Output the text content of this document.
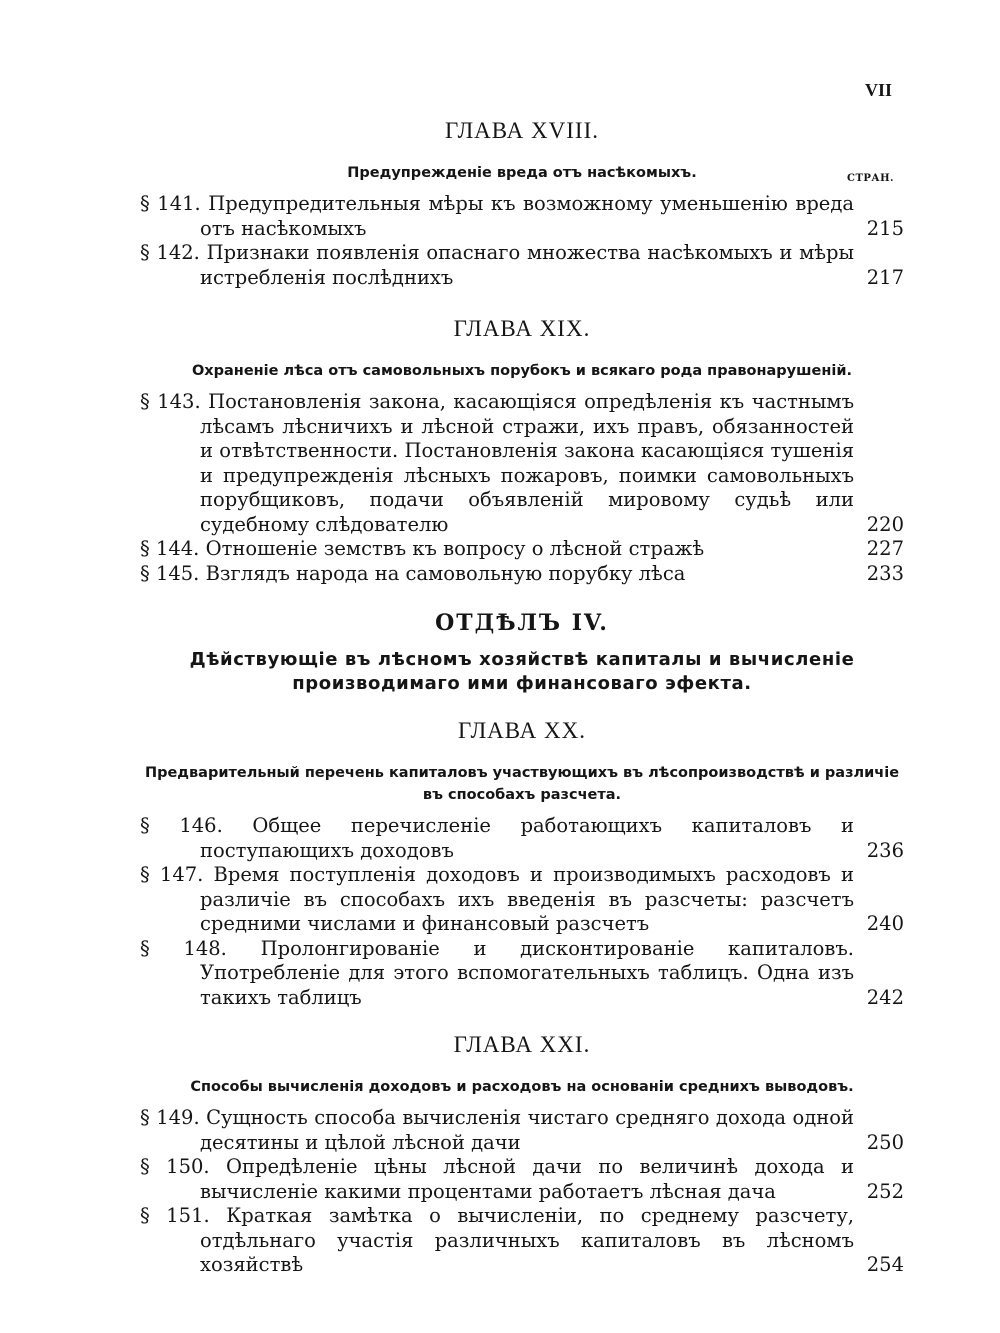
VII
ГЛАВА XVIII.
Предупрежденіе вреда отъ насѣкомыхъ.	СТРАН.
§ 141. Предупредительныя мѣры къ возможному уменьшенію вреда отъ насѣкомыхъ	215
§ 142. Признаки появленія опаснаго множества насѣкомыхъ и мѣры истребленія послѣднихъ	217
ГЛАВА XIX.
Охраненіе лѣса отъ самовольныхъ порубокъ и всякаго рода правонарушеній.
§ 143. Постановленія закона, касающіяся опредѣленія къ частнымъ лѣсамъ лѣсничихъ и лѣсной стражи, ихъ правъ, обязанностей и отвѣтственности. Постановленія закона касающіяся тушенія и предупрежденія лѣсныхъ пожаровъ, поимки самовольныхъ порубщиковъ, подачи объявленій мировому судьѣ или судебному слѣдователю	220
§ 144. Отношеніе земствъ къ вопросу о лѣсной стражѣ	227
§ 145. Взглядъ народа на самовольную порубку лѣса	233
ОТДѢЛЪ IV.
Дѣйствующіе въ лѣсномъ хозяйствѣ капиталы и вычисленіе производимаго ими финансоваго эфекта.
ГЛАВА XX.
Предварительный перечень капиталовъ участвующихъ въ лѣсопроизводствѣ и различіе въ способахъ разсчета.
§ 146. Общее перечисленіе работающихъ капиталовъ и поступающихъ доходовъ	236
§ 147. Время поступленія доходовъ и производимыхъ расходовъ и различіе въ способахъ ихъ введенія въ разсчеты: разсчетъ средними числами и финансовый разсчетъ	240
§ 148. Пролонгированіе и дисконтированіе капиталовъ. Употребленіе для этого вспомогательныхъ таблицъ. Одна изъ такихъ таблицъ	242
ГЛАВА XXI.
Способы вычисленія доходовъ и расходовъ на основаніи среднихъ выводовъ.
§ 149. Сущность способа вычисленія чистаго средняго дохода одной десятины и цѣлой лѣсной дачи	250
§ 150. Опредѣленіе цѣны лѣсной дачи по величинѣ дохода и вычисленіе какими процентами работаетъ лѣсная дача	252
§ 151. Краткая замѣтка о вычисленіи, по среднему разсчету, отдѣльнаго участія различныхъ капиталовъ въ лѣсномъ хозяйствѣ	254
